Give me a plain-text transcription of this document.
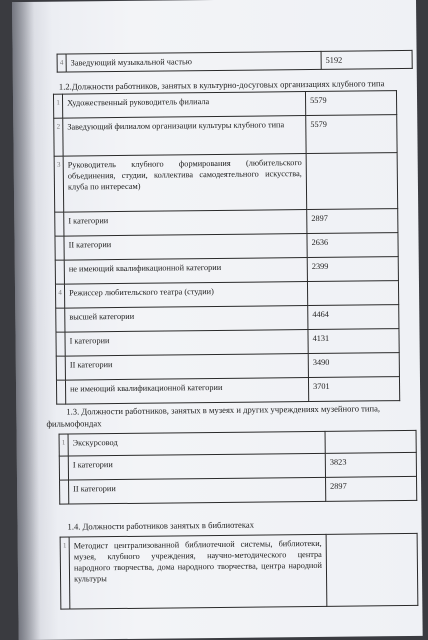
4	Заведующий музыкальной частью	5192
1.2.Должности работников, занятых в культурно-досуговых организациях клубного типа
1	Художественный руководитель филиала	5579
2	Заведующий филиалом организации культуры клубного типа	5579
3	Руководитель клубного формирования (любительского объединения, студии, коллектива самодеятельного искусства, клуба по интересам)	
	I категории	2897
	II категории	2636
	не имеющий квалификационной категории	2399
4	Режиссер любительского театра (студии)	
	высшей категории	4464
	I категории	4131
	II категории	3490
	не имеющий квалификационной категории	3701
1.3. Должности работников, занятых в музеях и других учреждениях музейного типа,
фильмофондах
1	Экскурсовод	
	I категории	3823
	II категории	2897
1.4. Должности работников занятых в библиотеках
1	Методист централизованной библиотечной системы, библиотеки, музея, клубного учреждения, научно-методического центра народного творчества, дома народного творчества, центра народной культуры	
